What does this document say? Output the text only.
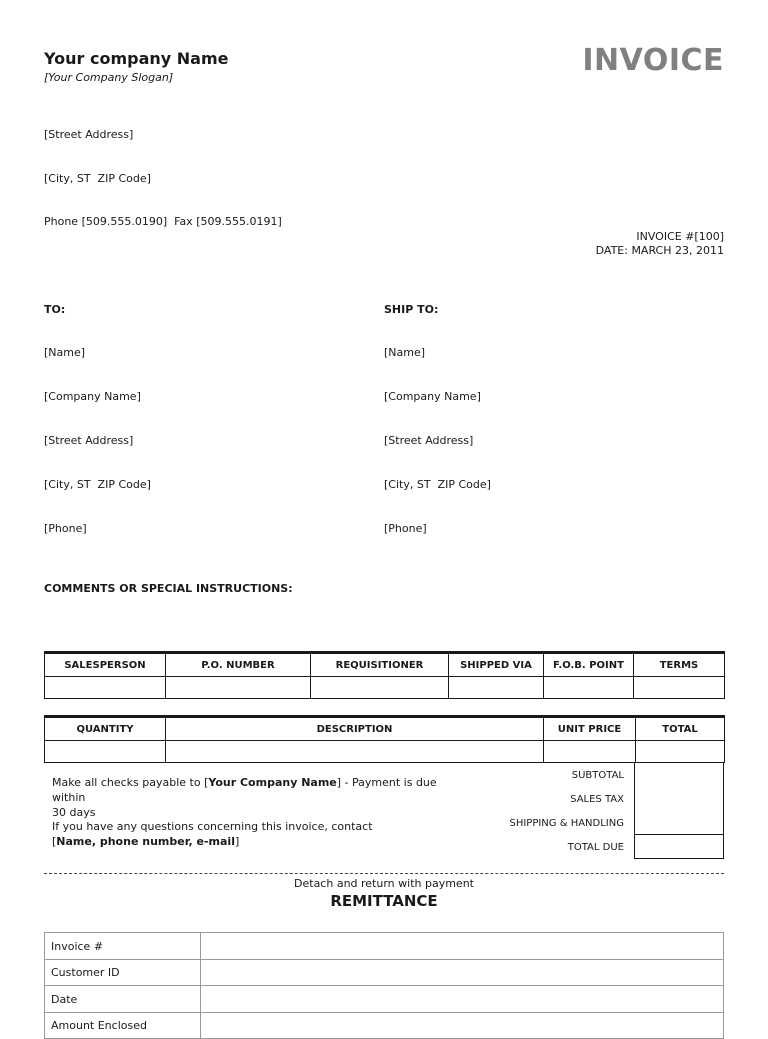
Your company Name
[Your Company Slogan]	INVOICE

[Street Address]

[City, ST  ZIP Code]

Phone [509.555.0190]  Fax [509.555.0191]

INVOICE #[100]
DATE: MARCH 23, 2011

TO:

[Name]

[Company Name]

[Street Address]

[City, ST  ZIP Code]

[Phone]

SHIP TO:

[Name]

[Company Name]

[Street Address]

[City, ST  ZIP Code]

[Phone]

COMMENTS OR SPECIAL INSTRUCTIONS:
SALESPERSON	P.O. NUMBER	REQUISITIONER	SHIPPED VIA	F.O.B. POINT	TERMS

QUANTITY	DESCRIPTION	UNIT PRICE	TOTAL

Make all checks payable to [Your Company Name] - Payment is due within
30 days
If you have any questions concerning this invoice, contact
[Name, phone number, e-mail]
SUBTOTAL
SALES TAX
SHIPPING & HANDLING
TOTAL DUE
Detach and return with payment
REMITTANCE
Invoice #	
Customer ID	
Date	
Amount Enclosed	
